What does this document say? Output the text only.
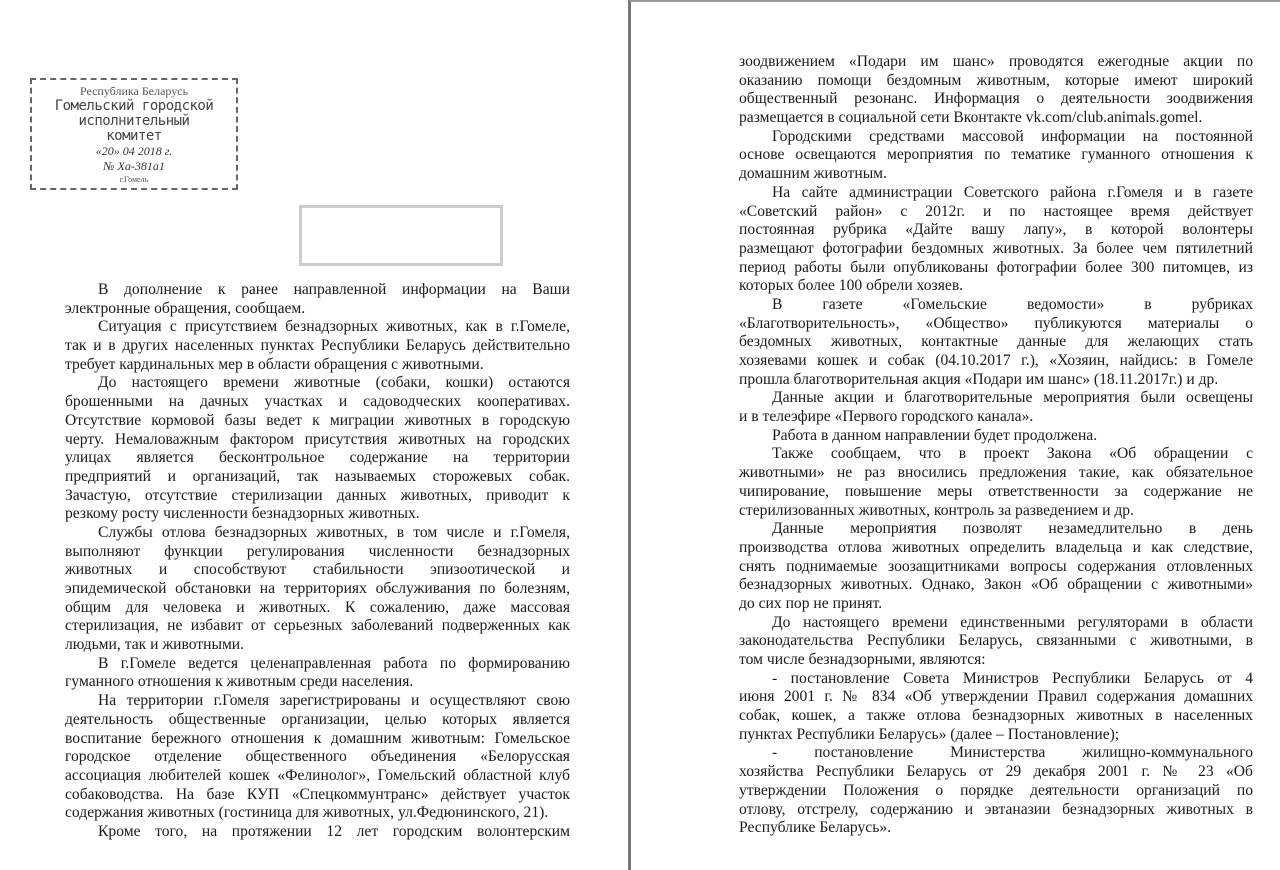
Республика Беларусь
Гомельский городской
исполнительный
комитет
«20» 04 2018 г.
№ Ха-381а1
г.Гомель
В дополнение к ранее направленной информации на Ваши
электронные обращения, сообщаем.
Ситуация с присутствием безнадзорных животных, как в г.Гомеле,
так и в других населенных пунктах Республики Беларусь действительно
требует кардинальных мер в области обращения с животными.
До настоящего времени животные (собаки, кошки) остаются
брошенными на дачных участках и садоводческих кооперативах.
Отсутствие кормовой базы ведет к миграции животных в городскую
черту. Немаловажным фактором присутствия животных на городских
улицах является бесконтрольное содержание на территории
предприятий и организаций, так называемых сторожевых собак.
Зачастую, отсутствие стерилизации данных животных, приводит к
резкому росту численности безнадзорных животных.
Службы отлова безнадзорных животных, в том числе и г.Гомеля,
выполняют функции регулирования численности безнадзорных
животных и способствуют стабильности эпизоотической и
эпидемической обстановки на территориях обслуживания по болезням,
общим для человека и животных. К сожалению, даже массовая
стерилизация, не избавит от серьезных заболеваний подверженных как
людьми, так и животными.
В г.Гомеле ведется целенаправленная работа по формированию
гуманного отношения к животным среди населения.
На территории г.Гомеля зарегистрированы и осуществляют свою
деятельность общественные организации, целью которых является
воспитание бережного отношения к домашним животным: Гомельское
городское отделение общественного объединения «Белорусская
ассоциация любителей кошек «Фелинолог», Гомельский областной клуб
собаководства. На базе КУП «Спецкоммунтранс» действует участок
содержания животных (гостиница для животных, ул.Федюнинского, 21).
Кроме того, на протяжении 12 лет городским волонтерским
зоодвижением «Подари им шанс» проводятся ежегодные акции по
оказанию помощи бездомным животным, которые имеют широкий
общественный резонанс. Информация о деятельности зоодвижения
размещается в социальной сети Вконтакте vk.com/club.animals.gomel.
Городскими средствами массовой информации на постоянной
основе освещаются мероприятия по тематике гуманного отношения к
домашним животным.
На сайте администрации Советского района г.Гомеля и в газете
«Советский район» с 2012г. и по настоящее время действует
постоянная рубрика «Дайте вашу лапу», в которой волонтеры
размещают фотографии бездомных животных. За более чем пятилетний
период работы были опубликованы фотографии более 300 питомцев, из
которых более 100 обрели хозяев.
В газете «Гомельские ведомости» в рубриках
«Благотворительность», «Общество» публикуются материалы о
бездомных животных, контактные данные для желающих стать
хозяевами кошек и собак (04.10.2017 г.), «Хозяин, найдись: в Гомеле
прошла благотворительная акция «Подари им шанс» (18.11.2017г.) и др.
Данные акции и благотворительные мероприятия были освещены
и в телеэфире «Первого городского канала».
Работа в данном направлении будет продолжена.
Также сообщаем, что в проект Закона «Об обращении с
животными» не раз вносились предложения такие, как обязательное
чипирование, повышение меры ответственности за содержание не
стерилизованных животных, контроль за разведением и др.
Данные мероприятия позволят незамедлительно в день
производства отлова животных определить владельца и как следствие,
снять поднимаемые зоозащитниками вопросы содержания отловленных
безнадзорных животных. Однако, Закон «Об обращении с животными»
до сих пор не принят.
До настоящего времени единственными регуляторами в области
законодательства Республики Беларусь, связанными с животными, в
том числе безнадзорными, являются:
- постановление Совета Министров Республики Беларусь от 4
июня 2001 г. № 834 «Об утверждении Правил содержания домашних
собак, кошек, а также отлова безнадзорных животных в населенных
пунктах Республики Беларусь» (далее – Постановление);
- постановление Министерства жилищно-коммунального
хозяйства Республики Беларусь от 29 декабря 2001 г. № 23 «Об
утверждении Положения о порядке деятельности организаций по
отлову, отстрелу, содержанию и эвтаназии безнадзорных животных в
Республике Беларусь».
